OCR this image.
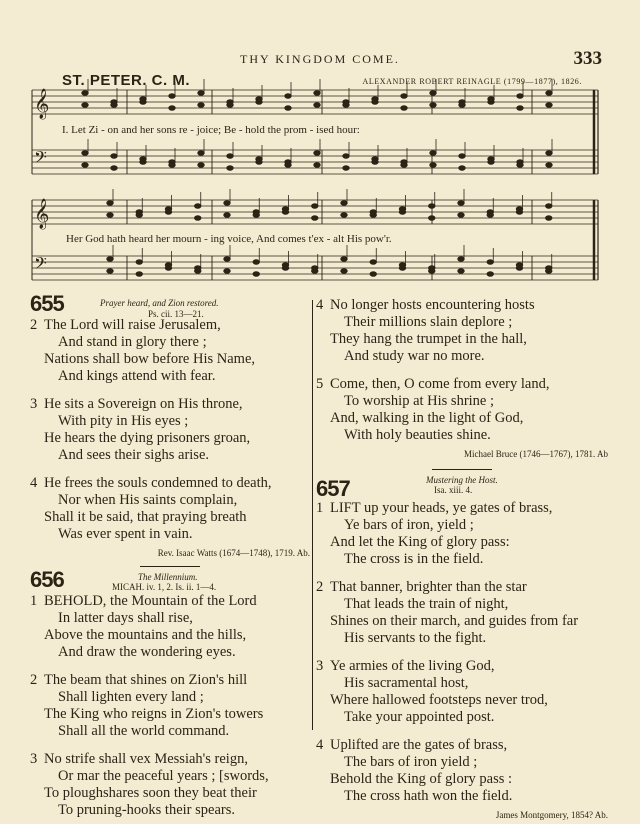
THY KINGDOM COME.	333
ST. PETER. C. M.	ALEXANDER ROBERT REINAGLE (1799—1877), 1826.
𝄞
𝄢
𝄞
𝄢
I. Let Zi - on and her sons re - joice; Be - hold the prom - ised hour:
Her God hath heard her mourn - ing voice, And comes t'ex - alt His pow'r.
655	Prayer heard, and Zion restored.
Ps. cii. 13—21.
2 The Lord will raise Jerusalem,
And stand in glory there ;
Nations shall bow before His Name,
And kings attend with fear.
3 He sits a Sovereign on His throne,
With pity in His eyes ;
He hears the dying prisoners groan,
And sees their sighs arise.
4 He frees the souls condemned to death,
Nor when His saints complain,
Shall it be said, that praying breath
Was ever spent in vain.
Rev. Isaac Watts (1674—1748), 1719. Ab.
656	The Millennium.
MICAH. iv. 1, 2. Is. ii. 1—4.
1 BEHOLD, the Mountain of the Lord
In latter days shall rise,
Above the mountains and the hills,
And draw the wondering eyes.
2 The beam that shines on Zion's hill
Shall lighten every land ;
The King who reigns in Zion's towers
Shall all the world command.
3 No strife shall vex Messiah's reign,
Or mar the peaceful years ; [swords,
To ploughshares soon they beat their
To pruning-hooks their spears.
4 No longer hosts encountering hosts
Their millions slain deplore ;
They hang the trumpet in the hall,
And study war no more.
5 Come, then, O come from every land,
To worship at His shrine ;
And, walking in the light of God,
With holy beauties shine.
Michael Bruce (1746—1767), 1781. Ab
657	Mustering the Host.
Isa. xiii. 4.
1 LIFT up your heads, ye gates of brass,
Ye bars of iron, yield ;
And let the King of glory pass:
The cross is in the field.
2 That banner, brighter than the star
That leads the train of night,
Shines on their march, and guides from far
His servants to the fight.
3 Ye armies of the living God,
His sacramental host,
Where hallowed footsteps never trod,
Take your appointed post.
4 Uplifted are the gates of brass,
The bars of iron yield ;
Behold the King of glory pass :
The cross hath won the field.
James Montgomery, 1854? Ab.
